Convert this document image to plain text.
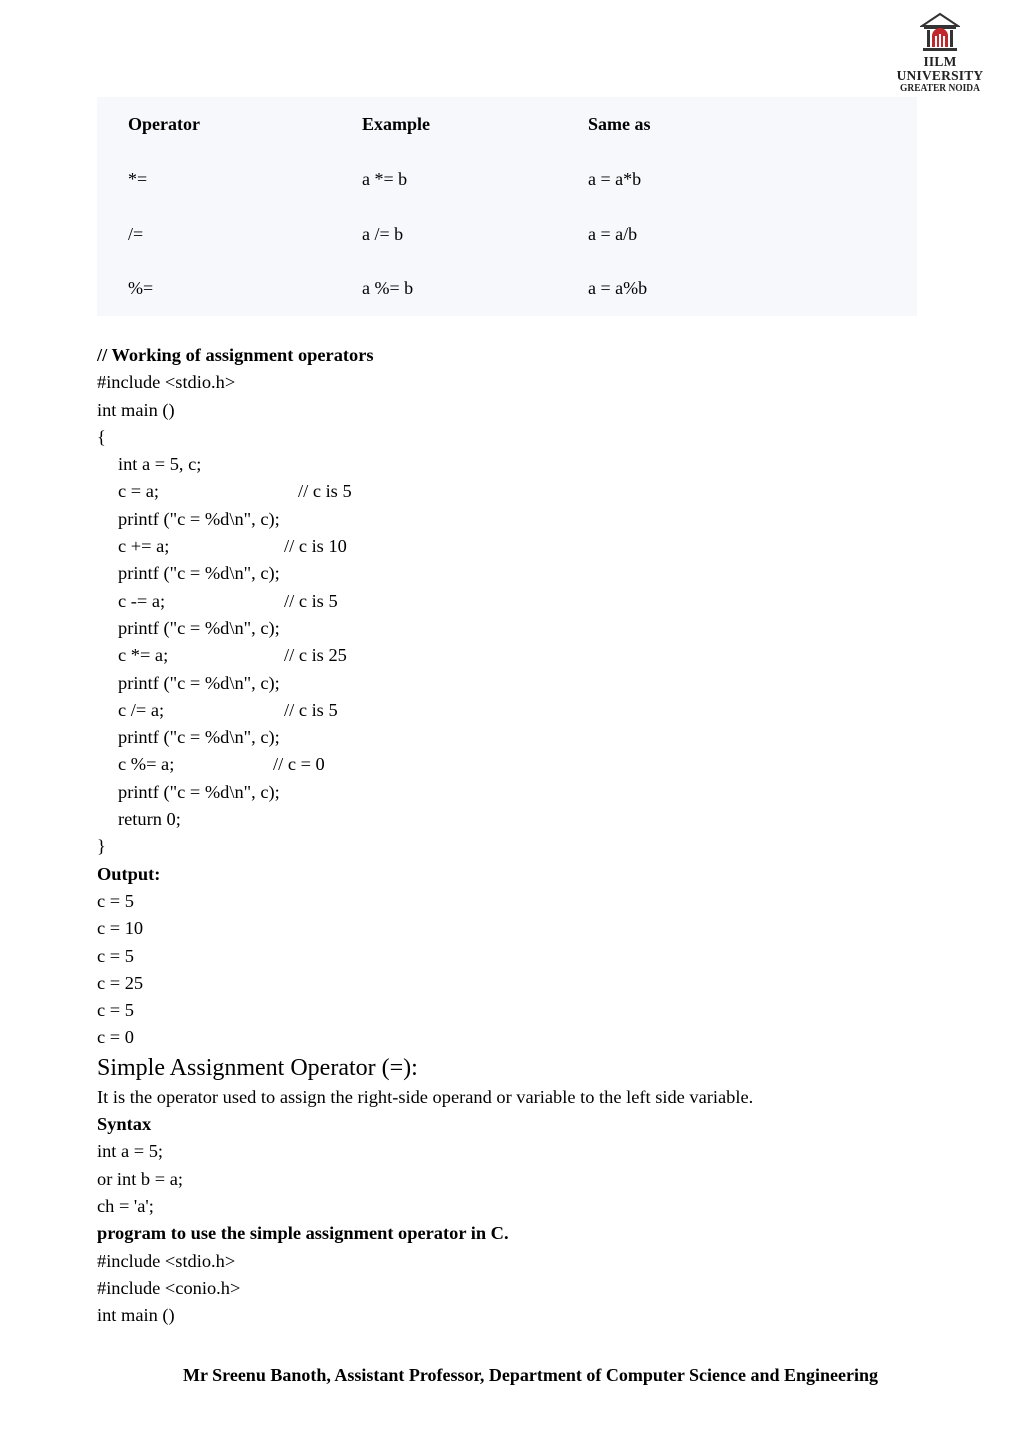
IILM UNIVERSITY
GREATER NOIDA
Operator	Example	Same as
*=	a *= b	a = a*b
/=	a /= b	a = a/b
%=	a %= b	a = a%b
// Working of assignment operators
#include <stdio.h>
int main ()
{
int a = 5, c;
c = a;	// c is 5
printf ("c = %d\n", c);
c += a;	// c is 10
printf ("c = %d\n", c);
c -= a;	// c is 5
printf ("c = %d\n", c);
c *= a;	// c is 25
printf ("c = %d\n", c);
c /= a;	// c is 5
printf ("c = %d\n", c);
c %= a;	// c = 0
printf ("c = %d\n", c);
return 0;
}
Output:
c = 5
c = 10
c = 5
c = 25
c = 5
c = 0
Simple Assignment Operator (=):
It is the operator used to assign the right-side operand or variable to the left side variable.
Syntax
int a = 5;
or int b = a;
ch = 'a';
program to use the simple assignment operator in C.
#include <stdio.h>
#include <conio.h>
int main ()
Mr Sreenu Banoth, Assistant Professor, Department of Computer Science and Engineering
